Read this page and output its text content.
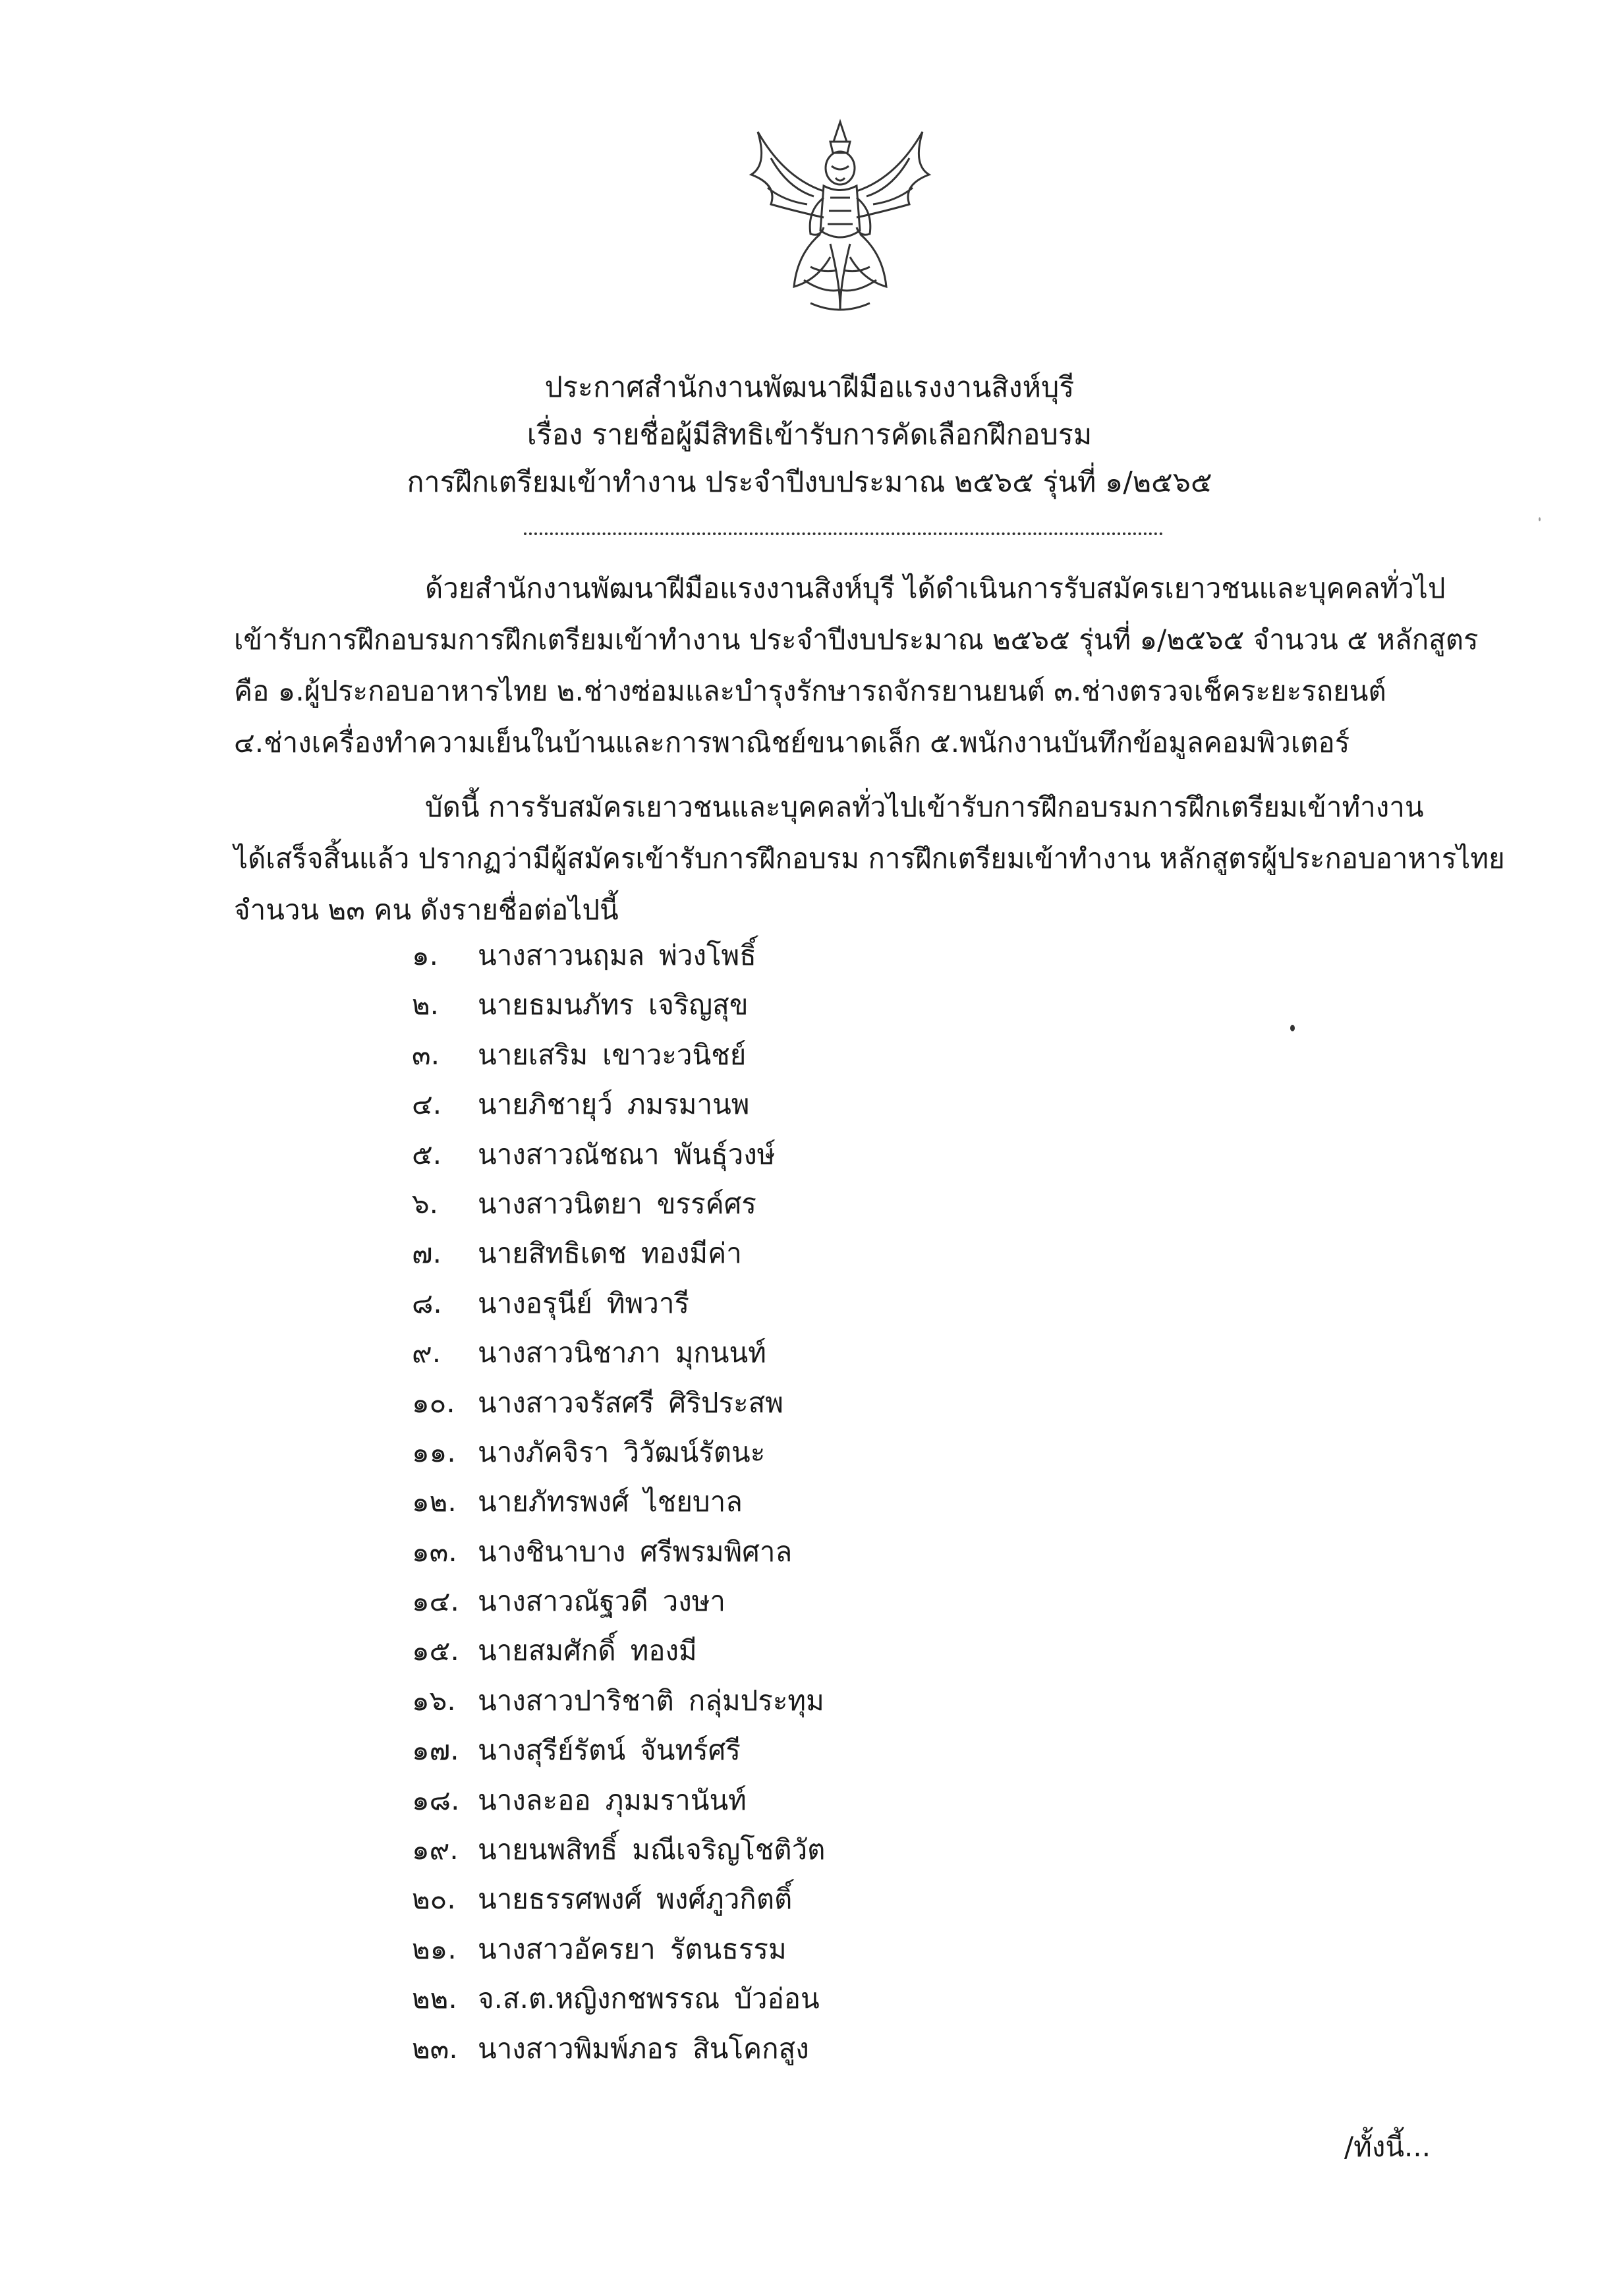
ประกาศสำนักงานพัฒนาฝีมือแรงงานสิงห์บุรี
เรื่อง รายชื่อผู้มีสิทธิเข้ารับการคัดเลือกฝึกอบรม
การฝึกเตรียมเข้าทำงาน ประจำปีงบประมาณ ๒๕๖๕ รุ่นที่ ๑/๒๕๖๕
ด้วยสำนักงานพัฒนาฝีมือแรงงานสิงห์บุรี ได้ดำเนินการรับสมัครเยาวชนและบุคคลทั่วไป
เข้ารับการฝึกอบรมการฝึกเตรียมเข้าทำงาน ประจำปีงบประมาณ ๒๕๖๕ รุ่นที่ ๑/๒๕๖๕ จำนวน ๕ หลักสูตร
คือ ๑.ผู้ประกอบอาหารไทย ๒.ช่างซ่อมและบำรุงรักษารถจักรยานยนต์ ๓.ช่างตรวจเช็คระยะรถยนต์
๔.ช่างเครื่องทำความเย็นในบ้านและการพาณิชย์ขนาดเล็ก ๕.พนักงานบันทึกข้อมูลคอมพิวเตอร์
บัดนี้ การรับสมัครเยาวชนและบุคคลทั่วไปเข้ารับการฝึกอบรมการฝึกเตรียมเข้าทำงาน
ได้เสร็จสิ้นแล้ว ปรากฏว่ามีผู้สมัครเข้ารับการฝึกอบรม การฝึกเตรียมเข้าทำงาน หลักสูตรผู้ประกอบอาหารไทย
จำนวน ๒๓ คน ดังรายชื่อต่อไปนี้
๑. นางสาวนฤมล พ่วงโพธิ์
๒. นายธมนภัทร เจริญสุข
๓. นายเสริม เขาวะวนิชย์
๔. นายภิชายุว์ ภมรมานพ
๕. นางสาวณัชณา พันธุ์วงษ์
๖. นางสาวนิตยา ขรรค์ศร
๗. นายสิทธิเดช ทองมีค่า
๘. นางอรุนีย์ ทิพวารี
๙. นางสาวนิชาภา มุกนนท์
๑๐. นางสาวจรัสศรี ศิริประสพ
๑๑. นางภัคจิรา วิวัฒน์รัตนะ
๑๒. นายภัทรพงศ์ ไชยบาล
๑๓. นางชินาบาง ศรีพรมพิศาล
๑๔. นางสาวณัฐวดี วงษา
๑๕. นายสมศักดิ์ ทองมี
๑๖. นางสาวปาริชาติ กลุ่มประทุม
๑๗. นางสุรีย์รัตน์ จันทร์ศรี
๑๘. นางละออ ภุมมรานันท์
๑๙. นายนพสิทธิ์ มณีเจริญโชติวัต
๒๐. นายธรรศพงศ์ พงศ์ภูวกิตติ์
๒๑. นางสาวอัครยา รัตนธรรม
๒๒. จ.ส.ต.หญิงกชพรรณ บัวอ่อน
๒๓. นางสาวพิมพ์ภอร สินโคกสูง
/ทั้งนี้...
